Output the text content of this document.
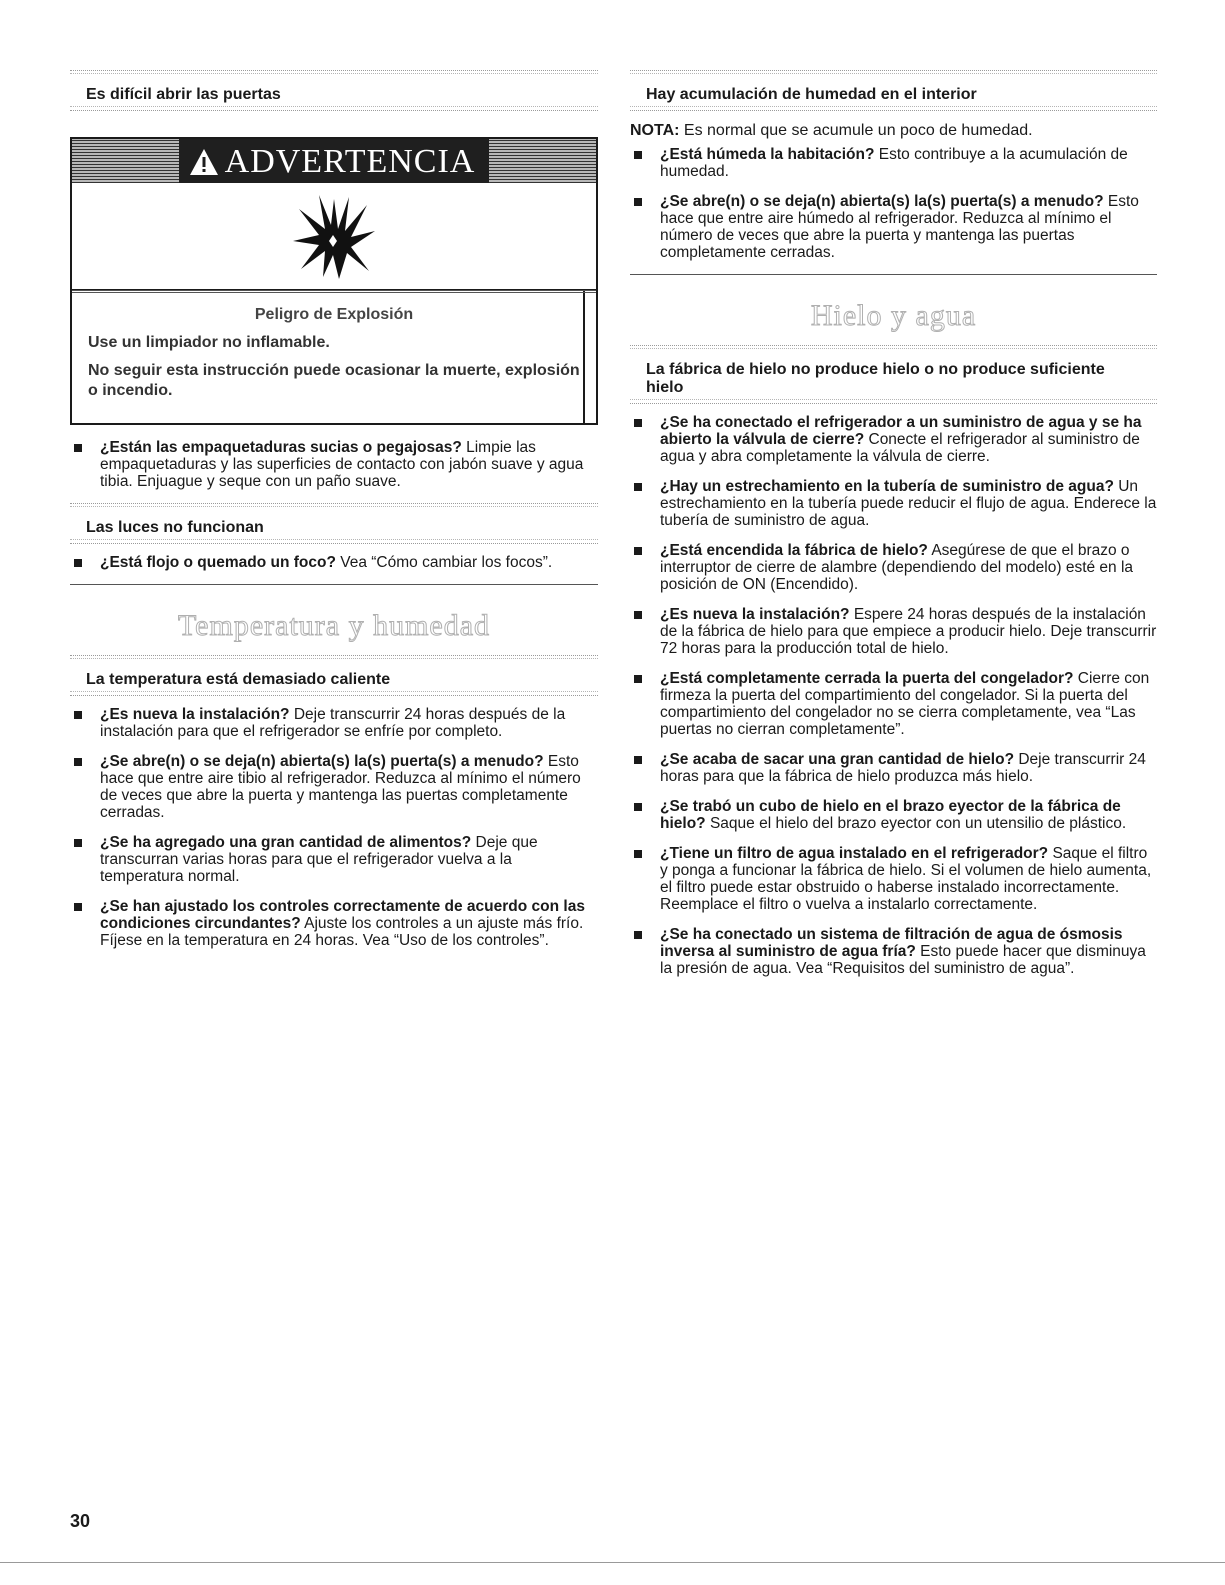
Es difícil abrir las puertas
ADVERTENCIA
Peligro de Explosión
Use un limpiador no inflamable.
No seguir esta instrucción puede ocasionar la muerte, explosión o incendio.
¿Están las empaquetaduras sucias o pegajosas? Limpie las empaquetaduras y las superficies de contacto con jabón suave y agua tibia. Enjuague y seque con un paño suave.
Las luces no funcionan
¿Está flojo o quemado un foco? Vea “Cómo cambiar los focos”.
Temperatura y humedad
La temperatura está demasiado caliente
¿Es nueva la instalación? Deje transcurrir 24 horas después de la instalación para que el refrigerador se enfríe por completo.
¿Se abre(n) o se deja(n) abierta(s) la(s) puerta(s) a menudo? Esto hace que entre aire tibio al refrigerador. Reduzca al mínimo el número de veces que abre la puerta y mantenga las puertas completamente cerradas.
¿Se ha agregado una gran cantidad de alimentos? Deje que transcurran varias horas para que el refrigerador vuelva a la temperatura normal.
¿Se han ajustado los controles correctamente de acuerdo con las condiciones circundantes? Ajuste los controles a un ajuste más frío. Fíjese en la temperatura en 24 horas. Vea “Uso de los controles”.
Hay acumulación de humedad en el interior

NOTA: Es normal que se acumule un poco de humedad.

¿Está húmeda la habitación? Esto contribuye a la acumulación de humedad.
¿Se abre(n) o se deja(n) abierta(s) la(s) puerta(s) a menudo? Esto hace que entre aire húmedo al refrigerador. Reduzca al mínimo el número de veces que abre la puerta y mantenga las puertas completamente cerradas.
Hielo y agua
La fábrica de hielo no produce hielo o no produce suficiente hielo
¿Se ha conectado el refrigerador a un suministro de agua y se ha abierto la válvula de cierre? Conecte el refrigerador al suministro de agua y abra completamente la válvula de cierre.
¿Hay un estrechamiento en la tubería de suministro de agua? Un estrechamiento en la tubería puede reducir el flujo de agua. Enderece la tubería de suministro de agua.
¿Está encendida la fábrica de hielo? Asegúrese de que el brazo o interruptor de cierre de alambre (dependiendo del modelo) esté en la posición de ON (Encendido).
¿Es nueva la instalación? Espere 24 horas después de la instalación de la fábrica de hielo para que empiece a producir hielo. Deje transcurrir 72 horas para la producción total de hielo.
¿Está completamente cerrada la puerta del congelador? Cierre con firmeza la puerta del compartimiento del congelador. Si la puerta del compartimiento del congelador no se cierra completamente, vea “Las puertas no cierran completamente”.
¿Se acaba de sacar una gran cantidad de hielo? Deje transcurrir 24 horas para que la fábrica de hielo produzca más hielo.
¿Se trabó un cubo de hielo en el brazo eyector de la fábrica de hielo? Saque el hielo del brazo eyector con un utensilio de plástico.
¿Tiene un filtro de agua instalado en el refrigerador? Saque el filtro y ponga a funcionar la fábrica de hielo. Si el volumen de hielo aumenta, el filtro puede estar obstruido o haberse instalado incorrectamente. Reemplace el filtro o vuelva a instalarlo correctamente.
¿Se ha conectado un sistema de filtración de agua de ósmosis inversa al suministro de agua fría? Esto puede hacer que disminuya la presión de agua. Vea “Requisitos del suministro de agua”.
30
